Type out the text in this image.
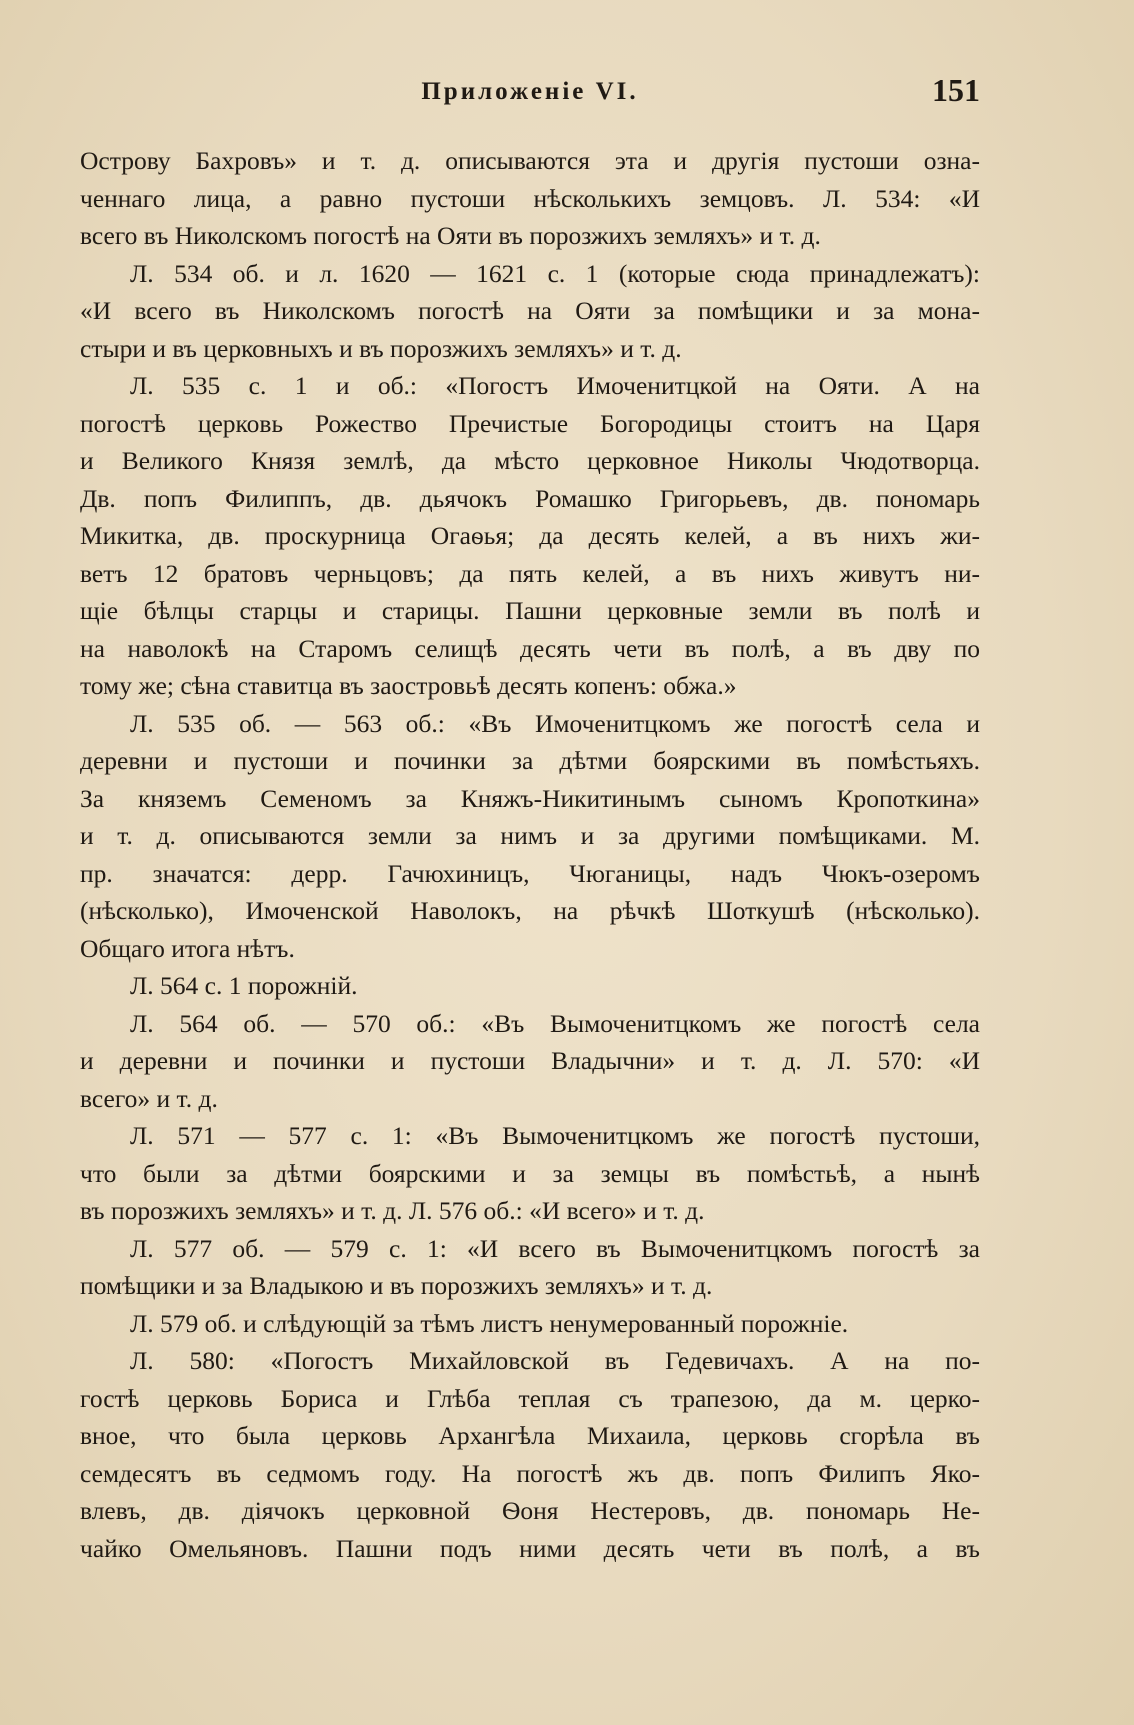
Приложенiе VI.	151
Острову Бахровъ» и т. д. описываются эта и другія пустоши озна-
ченнаго лица, а равно пустоши нѣсколькихъ земцовъ. Л. 534: «И
всего въ Николскомъ погостѣ на Ояти въ порозжихъ земляхъ» и т. д.
Л. 534 об. и л. 1620 — 1621 с. 1 (которые сюда принадлежатъ):
«И всего въ Николскомъ погостѣ на Ояти за помѣщики и за мона-
стыри и въ церковныхъ и въ порозжихъ земляхъ» и т. д.
Л. 535 с. 1 и об.: «Погостъ Имоченитцкой на Ояти. А на
погостѣ церковь Рожество Пречистые Богородицы стоитъ на Царя
и Великого Князя землѣ, да мѣсто церковное Николы Чюдотворца.
Дв. попъ Филиппъ, дв. дьячокъ Ромашко Григорьевъ, дв. пономарь
Микитка, дв. проскурница Огаѳья; да десять келей, а въ нихъ жи-
ветъ 12 братовъ черньцовъ; да пять келей, а въ нихъ живутъ ни-
щіе бѣлцы старцы и старицы. Пашни церковные земли въ полѣ и
на наволокѣ на Старомъ селищѣ десять чети въ полѣ, а въ дву по
тому же; сѣна ставитца въ заостровьѣ десять копенъ: обжа.»
Л. 535 об. — 563 об.: «Въ Имоченитцкомъ же погостѣ села и
деревни и пустоши и починки за дѣтми боярскими въ помѣстьяхъ.
За княземъ Семеномъ за Княжъ-Никитинымъ сыномъ Кропоткина»
и т. д. описываются земли за нимъ и за другими помѣщиками. М.
пр. значатся: дерр. Гачюхиницъ, Чюганицы, надъ Чюкъ-озеромъ
(нѣсколько), Имоченской Наволокъ, на рѣчкѣ Шоткушѣ (нѣсколько).
Общаго итога нѣтъ.
Л. 564 с. 1 порожній.
Л. 564 об. — 570 об.: «Въ Вымоченитцкомъ же погостѣ села
и деревни и починки и пустоши Владычни» и т. д. Л. 570: «И
всего» и т. д.
Л. 571 — 577 с. 1: «Въ Вымоченитцкомъ же погостѣ пустоши,
что были за дѣтми боярскими и за земцы въ помѣстьѣ, а нынѣ
въ порозжихъ земляхъ» и т. д. Л. 576 об.: «И всего» и т. д.
Л. 577 об. — 579 с. 1: «И всего въ Вымоченитцкомъ погостѣ за
помѣщики и за Владыкою и въ порозжихъ земляхъ» и т. д.
Л. 579 об. и слѣдующій за тѣмъ листъ ненумерованный порожніе.
Л. 580: «Погостъ Михайловской въ Гедевичахъ. А на по-
гостѣ церковь Бориса и Глѣба теплая съ трапезою, да м. церко-
вное, что была церковь Архангѣла Михаила, церковь сгорѣла въ
семдесятъ въ седмомъ году. На погостѣ жъ дв. попъ Филипъ Яко-
влевъ, дв. діячокъ церковной Ѳоня Нестеровъ, дв. пономарь Не-
чайко Омельяновъ. Пашни подъ ними десять чети въ полѣ, а въ
